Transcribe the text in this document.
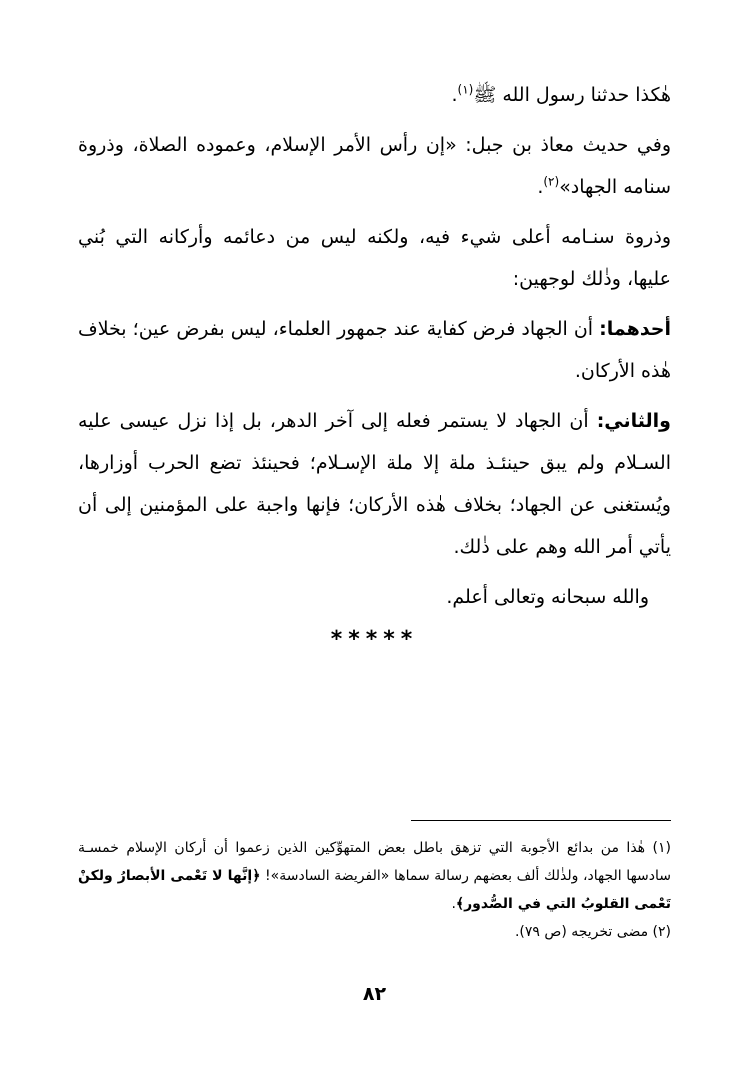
هٰكذا حدثنا رسول الله ﷺ$^{(١)}$.

وفي حديث معاذ بن جبل: «إن رأس الأمر الإسلام، وعموده الصلاة، وذروة سنامه الجهاد»$^{(٢)}$.

وذروة سنـامه أعلى شيء فيه، ولكنه ليس من دعائمه وأركانه التي بُني عليها، وذٰلك لوجهين:

أحدهما: أن الجهاد فرض كفاية عند جمهور العلماء، ليس بفرض عين؛ بخلاف هٰذه الأركان.

والثاني: أن الجهاد لا يستمر فعله إلى آخر الدهر، بل إذا نزل عيسى عليه السـلام ولم يبق حينئـذ ملة إلا ملة الإسـلام؛ فحينئذ تضع الحرب أوزارها، ويُستغنى عن الجهاد؛ بخلاف هٰذه الأركان؛ فإنها واجبة على المؤمنين إلى أن يأتي أمر الله وهم على ذٰلك.

والله سبحانه وتعالى أعلم.

*****

(١) هٰذا من بدائع الأجوبة التي تزهق باطل بعض المتهوِّكين الذين زعموا أن أركان الإسلام خمسـة سادسها الجهاد، ولذٰلك ألف بعضهم رسالة سماها «الفريضة السادسة»! ﴿إنَّها لا تَعْمى الأبصارُ ولكنْ تَعْمى القلوبُ التي في الصُّدور﴾.

(٢) مضى تخريجه (ص ٧٩).

٨٢
